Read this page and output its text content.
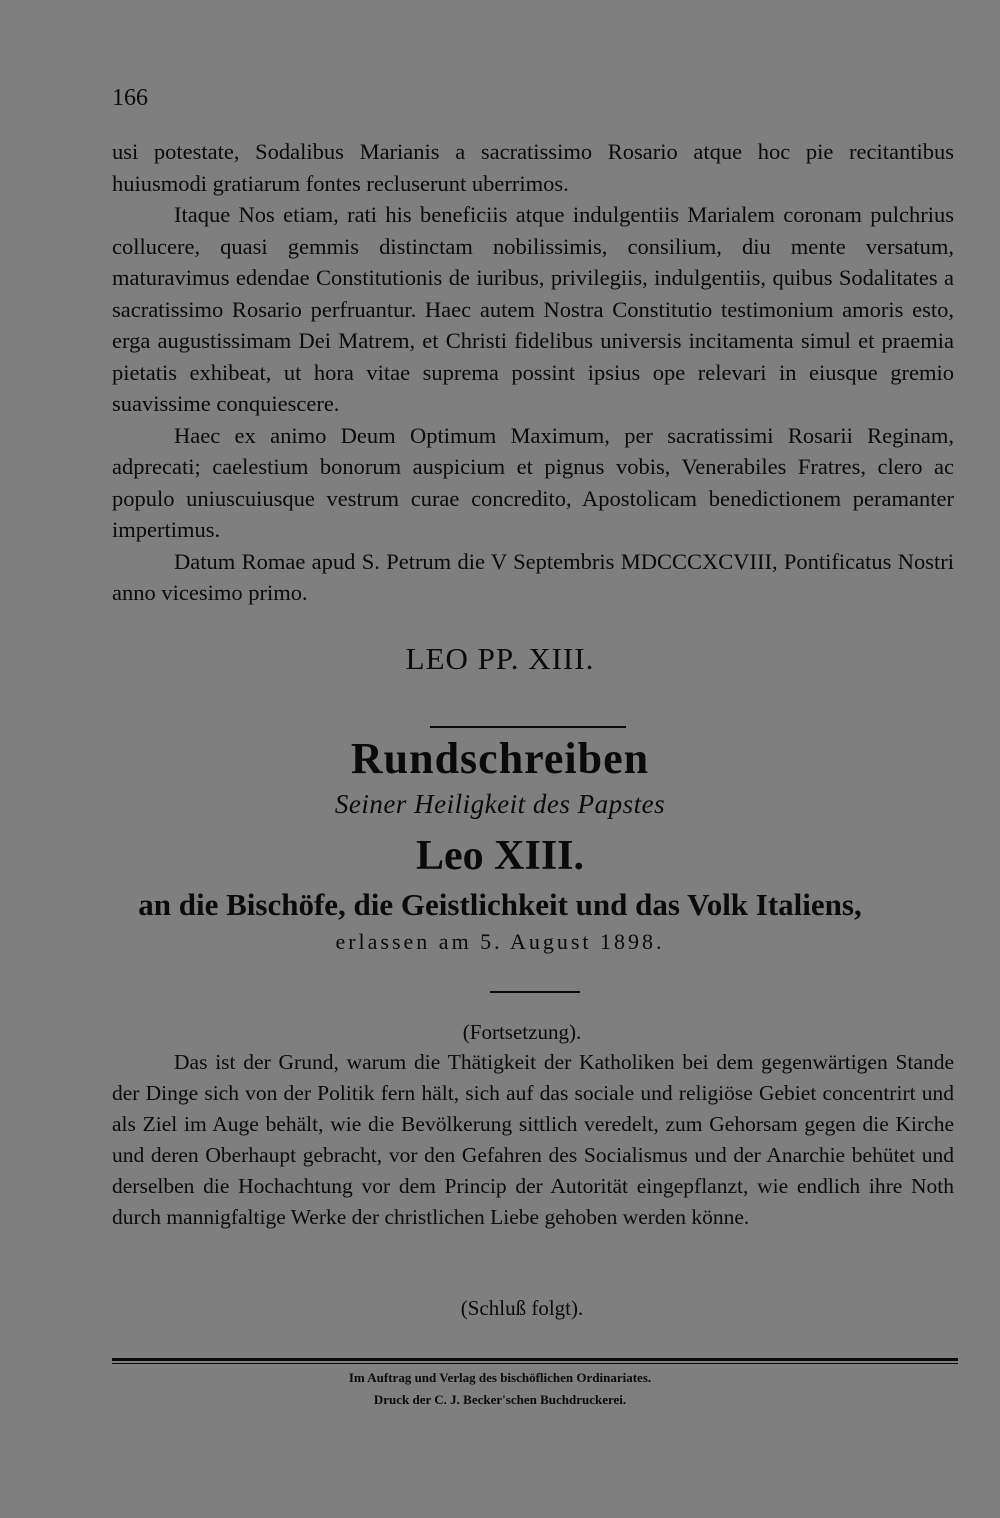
166

usi potestate, Sodalibus Marianis a sacratissimo Rosario atque hoc pie recitantibus huiusmodi gratiarum fontes recluserunt uberrimos.

Itaque Nos etiam, rati his beneficiis atque indulgentiis Marialem coronam pulchrius collucere, quasi gemmis distinctam nobilissimis, consilium, diu mente versatum, maturavimus edendae Constitutionis de iuribus, privilegiis, indulgentiis, quibus Sodalitates a sacratissimo Rosario perfruantur. Haec autem Nostra Constitutio testimonium amoris esto, erga augustissimam Dei Matrem, et Christi fidelibus universis incitamenta simul et praemia pietatis exhibeat, ut hora vitae suprema possint ipsius ope relevari in eiusque gremio suavissime conquiescere.

Haec ex animo Deum Optimum Maximum, per sacratissimi Rosarii Reginam, adprecati; caelestium bonorum auspicium et pignus vobis, Venerabiles Fratres, clero ac populo uniuscuiusque vestrum curae concredito, Apostolicam benedictionem peramanter impertimus.

Datum Romae apud S. Petrum die V Septembris MDCCCXCVIII, Pontificatus Nostri anno vicesimo primo.

LEO PP. XIII.
Rundschreiben
Seiner Heiligkeit des Papstes
Leo XIII.
an die Bischöfe, die Geistlichkeit und das Volk Italiens,
erlassen am 5. August 1898.
(Fortsetzung).

Das ist der Grund, warum die Thätigkeit der Katholiken bei dem gegenwärtigen Stande der Dinge sich von der Politik fern hält, sich auf das sociale und religiöse Gebiet concentrirt und als Ziel im Auge behält, wie die Bevölkerung sittlich veredelt, zum Gehorsam gegen die Kirche und deren Oberhaupt gebracht, vor den Gefahren des Socialismus und der Anarchie behütet und derselben die Hochachtung vor dem Princip der Autorität eingepflanzt, wie endlich ihre Noth durch mannigfaltige Werke der christlichen Liebe gehoben werden könne.

(Schluß folgt).
Im Auftrag und Verlag des bischöflichen Ordinariates.
Druck der C. J. Becker'schen Buchdruckerei.
